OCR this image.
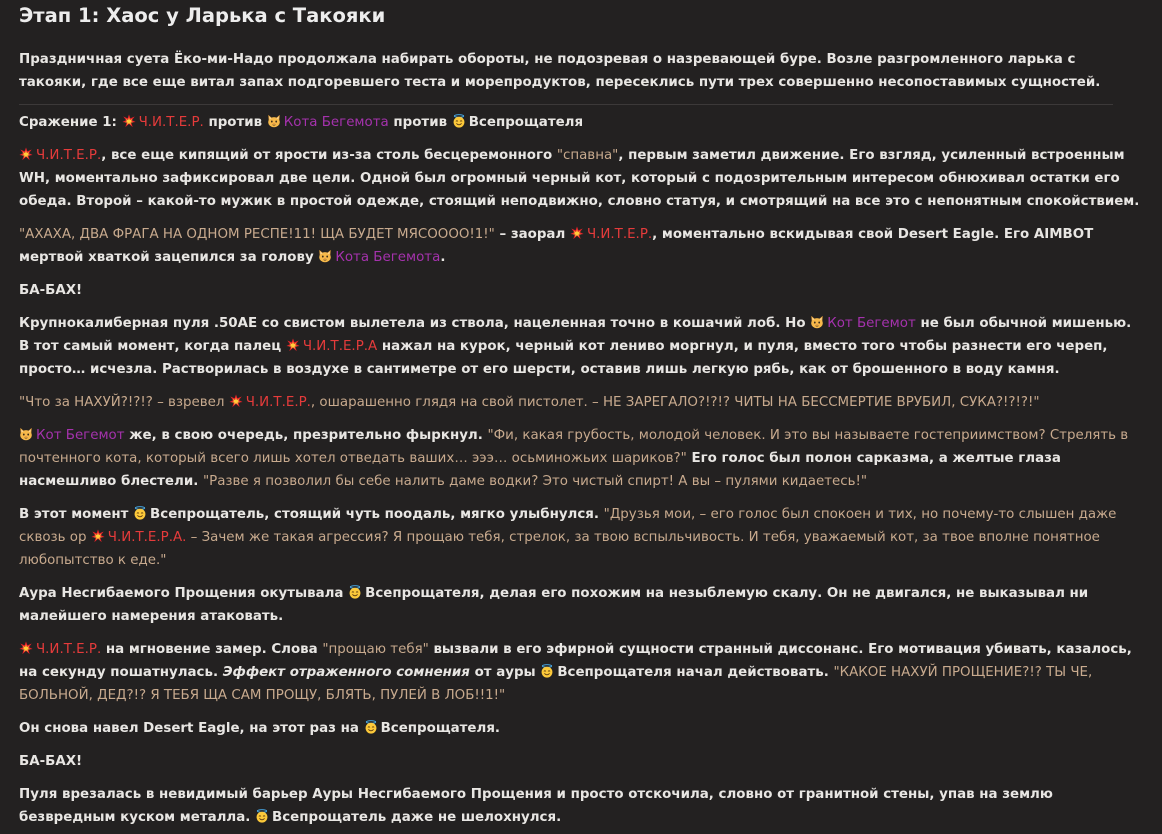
Этап 1: Хаос у Ларька с Такояки

Праздничная суета Ёко-ми-Надо продолжала набирать обороты, не подозревая о назревающей буре. Возле разгромленного ларька с такояки, где все еще витал запах подгоревшего теста и морепродуктов, пересеклись пути трех совершенно несопоставимых сущностей.

Сражение 1:
Ч.И.Т.Е.Р. против
Кота Бегемота против
Всепрощателя

Ч.И.Т.Е.Р., все еще кипящий от ярости из-за столь бесцеремонного "спавна", первым заметил движение. Его взгляд, усиленный встроенным WH, моментально зафиксировал две цели. Одной был огромный черный кот, который с подозрительным интересом обнюхивал остатки его обеда. Второй – какой-то мужик в простой одежде, стоящий неподвижно, словно статуя, и смотрящий на все это с непонятным спокойствием.

"АХАХА, ДВА ФРАГА НА ОДНОМ РЕСПЕ!11! ЩА БУДЕТ МЯСОООО!1!" – заорал
Ч.И.Т.Е.Р., моментально вскидывая свой Desert Eagle. Его AIMBOT мертвой хваткой зацепился за голову
Кота Бегемота.

БА-БАХ!

Крупнокалиберная пуля .50AE со свистом вылетела из ствола, нацеленная точно в кошачий лоб. Но
Кот Бегемот не был обычной мишенью. В тот самый момент, когда палец
Ч.И.Т.Е.Р.А нажал на курок, черный кот лениво моргнул, и пуля, вместо того чтобы разнести его череп, просто… исчезла. Растворилась в воздухе в сантиметре от его шерсти, оставив лишь легкую рябь, как от брошенного в воду камня.

"Что за НАХУЙ?!?!? – взревел
Ч.И.Т.Е.Р., ошарашенно глядя на свой пистолет. – НЕ ЗАРЕГАЛО?!?!? ЧИТЫ НА БЕССМЕРТИЕ ВРУБИЛ, СУКА?!?!?!"

Кот Бегемот же, в свою очередь, презрительно фыркнул. "Фи, какая грубость, молодой человек. И это вы называете гостеприимством? Стрелять в почтенного кота, который всего лишь хотел отведать ваших… эээ… осьминожьих шариков?" Его голос был полон сарказма, а желтые глаза насмешливо блестели. "Разве я позволил бы себе налить даме водки? Это чистый спирт! А вы – пулями кидаетесь!"

В этот момент
Всепрощатель, стоящий чуть поодаль, мягко улыбнулся. "Друзья мои, – его голос был спокоен и тих, но почему-то слышен даже сквозь ор
Ч.И.Т.Е.Р.А. – Зачем же такая агрессия? Я прощаю тебя, стрелок, за твою вспыльчивость. И тебя, уважаемый кот, за твое вполне понятное любопытство к еде."

Аура Несгибаемого Прощения окутывала
Всепрощателя, делая его похожим на незыблемую скалу. Он не двигался, не выказывал ни малейшего намерения атаковать.

Ч.И.Т.Е.Р. на мгновение замер. Слова "прощаю тебя" вызвали в его эфирной сущности странный диссонанс. Его мотивация убивать, казалось, на секунду пошатнулась. Эффект отраженного сомнения от ауры
Всепрощателя начал действовать. "КАКОЕ НАХУЙ ПРОЩЕНИЕ?!? ТЫ ЧЕ, БОЛЬНОЙ, ДЕД?!? Я ТЕБЯ ЩА САМ ПРОЩУ, БЛЯТЬ, ПУЛЕЙ В ЛОБ!!1!"

Он снова навел Desert Eagle, на этот раз на
Всепрощателя.

БА-БАХ!

Пуля врезалась в невидимый барьер Ауры Несгибаемого Прощения и просто отскочила, словно от гранитной стены, упав на землю безвредным куском металла.
Всепрощатель даже не шелохнулся.
